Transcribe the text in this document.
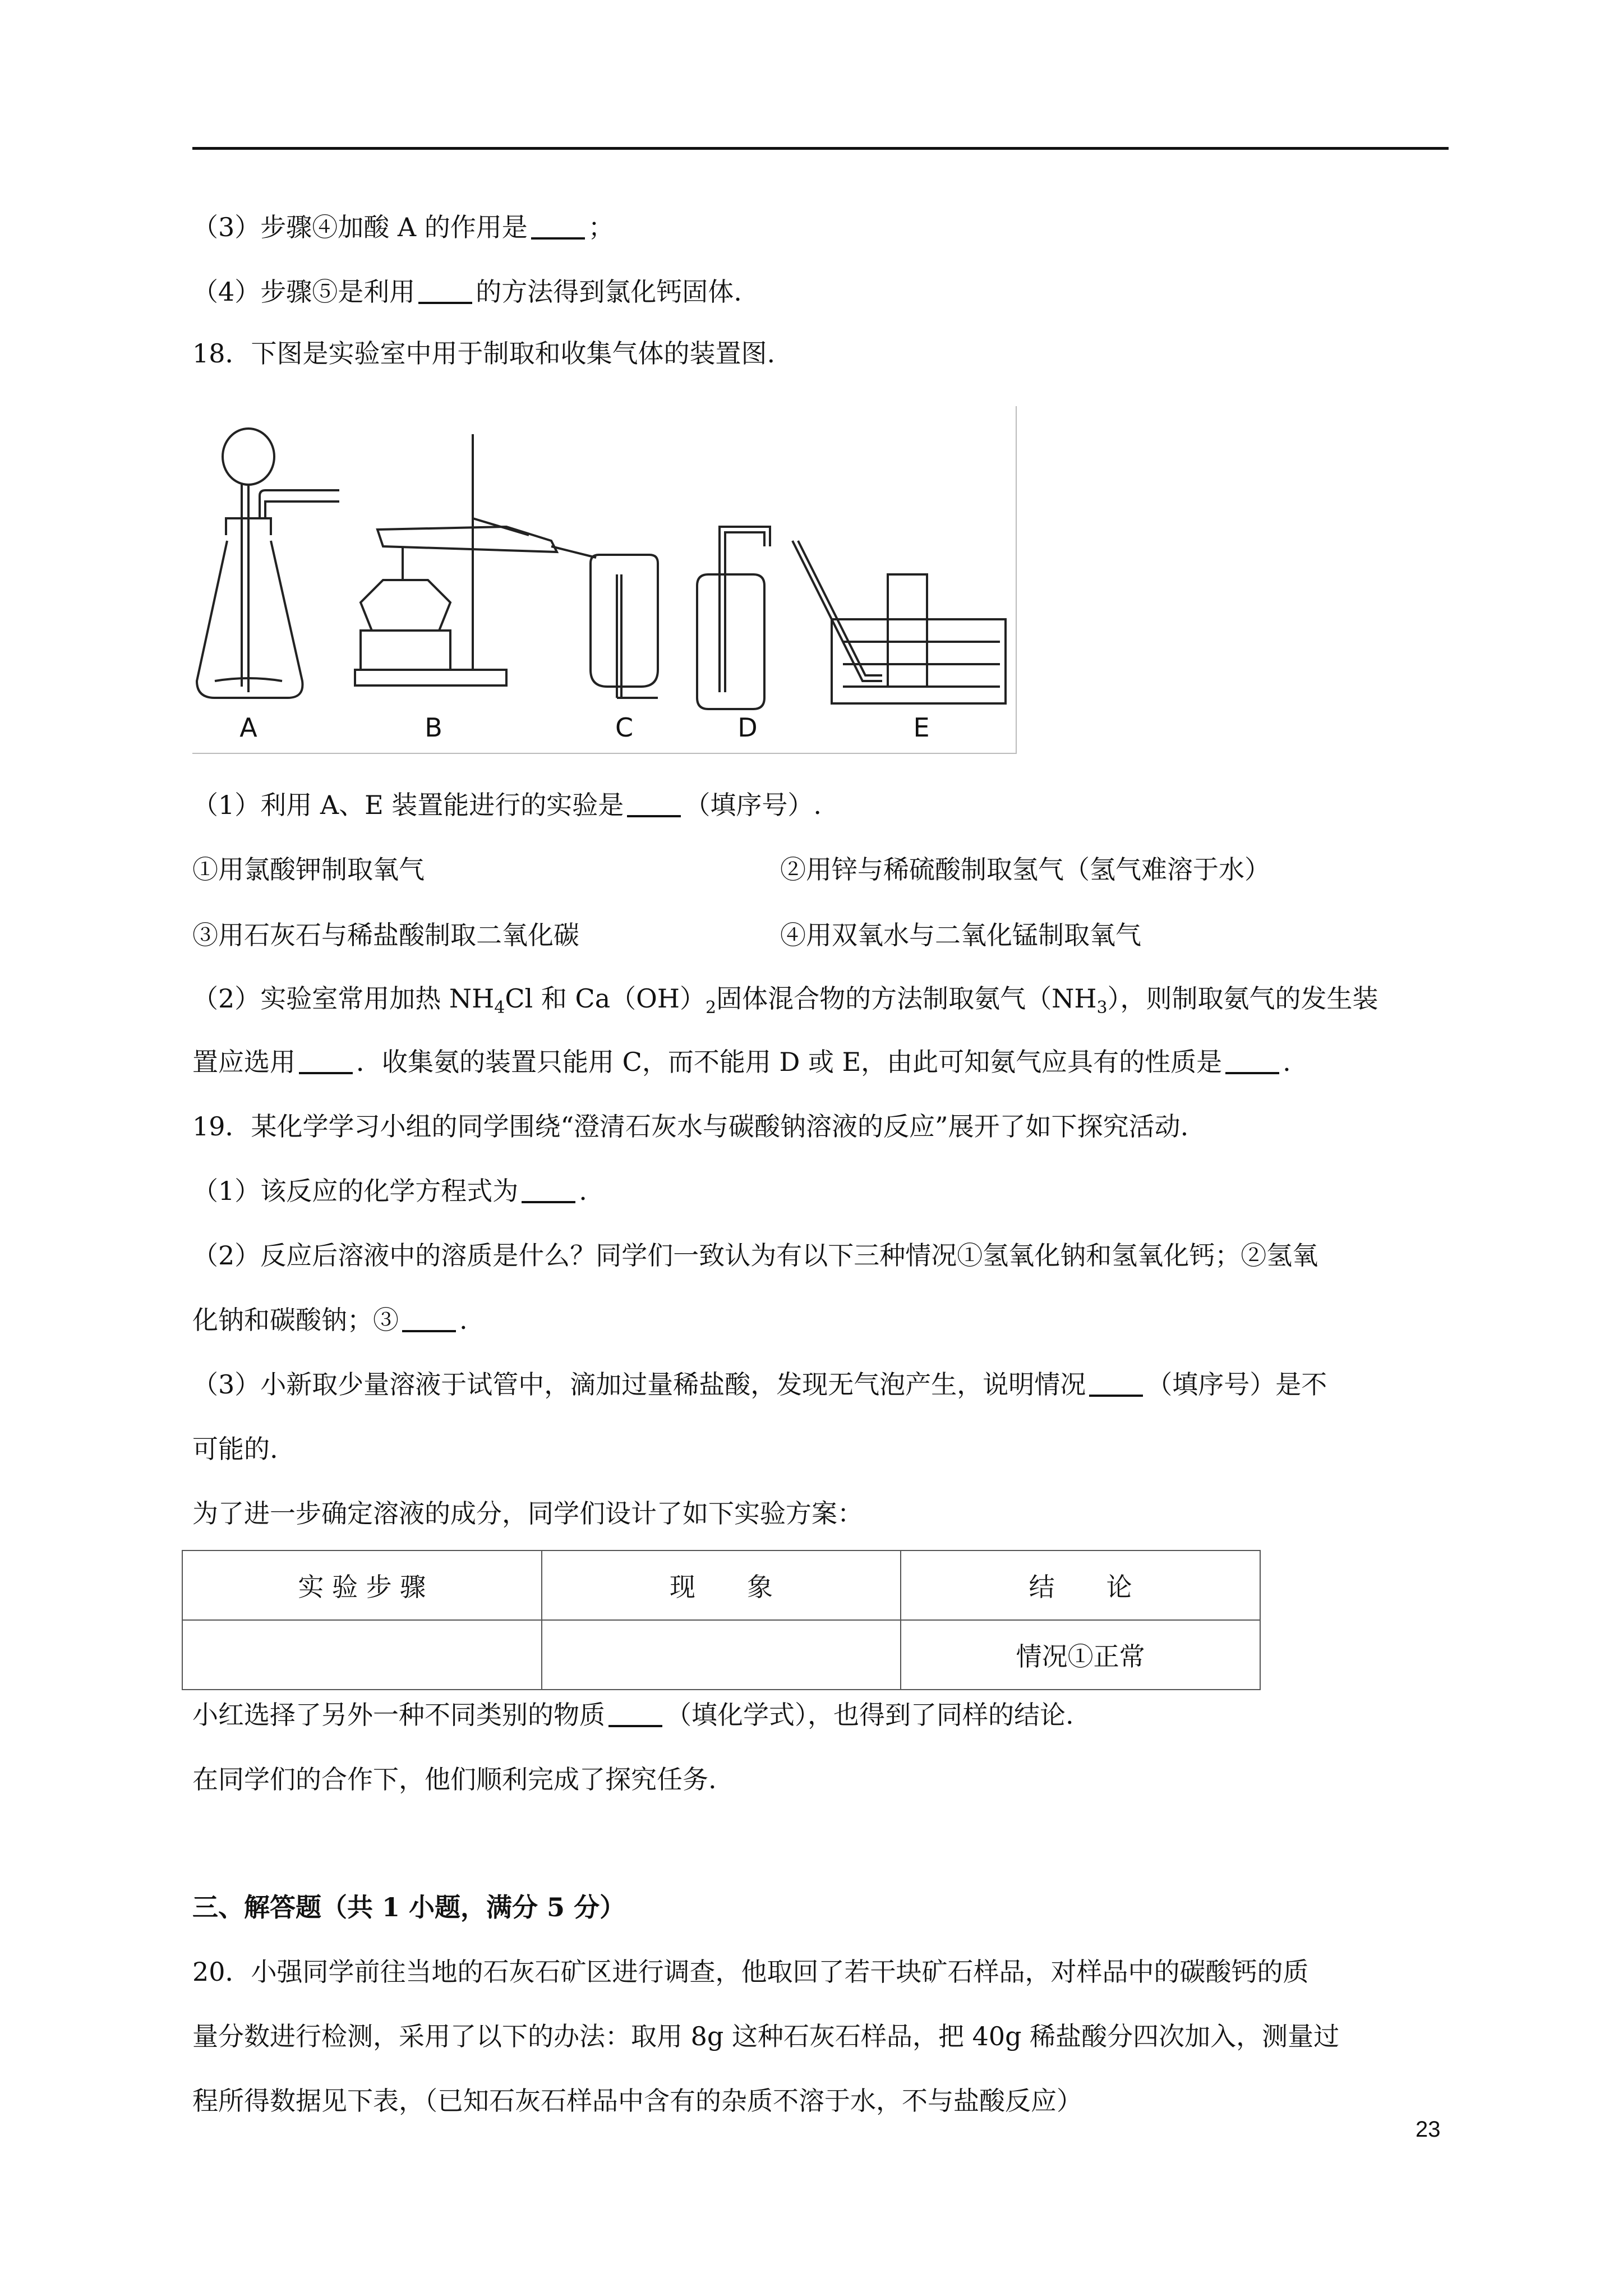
（3）步骤④加酸 A 的作用是 ；
（4）步骤⑤是利用 的方法得到氯化钙固体.
18．下图是实验室中用于制取和收集气体的装置图.
A	B	C	D	E
（1）利用 A、E 装置能进行的实验是 （填序号）.
①用氯酸钾制取氧气	②用锌与稀硫酸制取氢气（氢气难溶于水）
③用石灰石与稀盐酸制取二氧化碳	④用双氧水与二氧化锰制取氧气
（2）实验室常用加热 $NH_4Cl$ 和 $Ca(OH)_2$固体混合物的方法制取氨气$(NH_3)$，则制取氨气的发生装
置应选用 ．收集氨的装置只能用 C，而不能用 D 或 E，由此可知氨气应具有的性质是 .
19．某化学学习小组的同学围绕“澄清石灰水与碳酸钠溶液的反应”展开了如下探究活动.
（1）该反应的化学方程式为 .
（2）反应后溶液中的溶质是什么？同学们一致认为有以下三种情况①氢氧化钠和氢氧化钙；②氢氧
化钠和碳酸钠；③ .
（3）小新取少量溶液于试管中，滴加过量稀盐酸，发现无气泡产生，说明情况 （填序号）是不
可能的.
为了进一步确定溶液的成分，同学们设计了如下实验方案：
实 验 步 骤	现　　象	结　　论
		情况①正常
小红选择了另外一种不同类别的物质 （填化学式），也得到了同样的结论.
在同学们的合作下，他们顺利完成了探究任务.
三、解答题（共 1 小题，满分 5 分）
20．小强同学前往当地的石灰石矿区进行调查，他取回了若干块矿石样品，对样品中的碳酸钙的质
量分数进行检测，采用了以下的办法：取用 8g 这种石灰石样品，把 40g 稀盐酸分四次加入，测量过
程所得数据见下表，（已知石灰石样品中含有的杂质不溶于水，不与盐酸反应）
23
